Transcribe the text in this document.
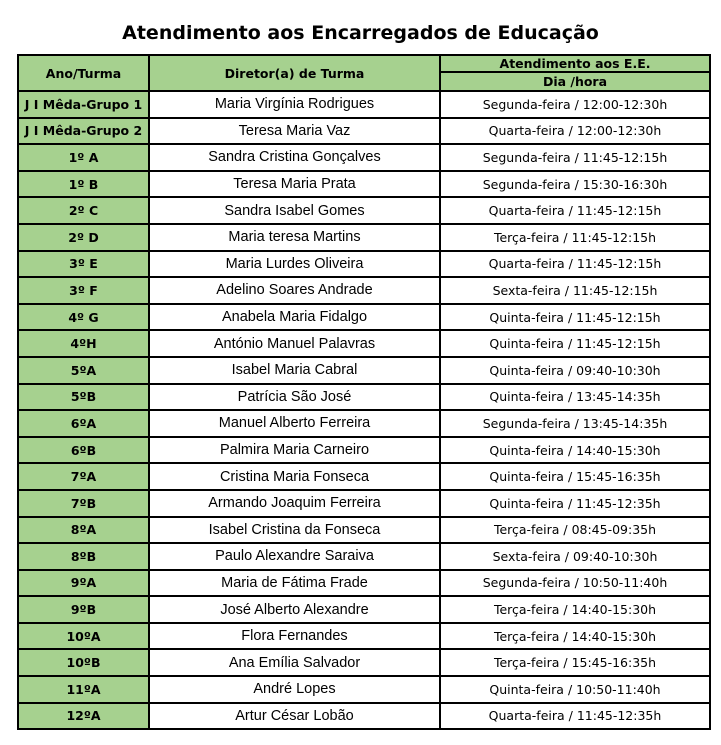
Atendimento aos Encarregados de Educação
Ano/Turma	Diretor(a) de Turma	Atendimento aos E.E.
		Dia /hora
J I Mêda-Grupo 1	Maria Virgínia Rodrigues	Segunda-feira / 12:00-12:30h
J I Mêda-Grupo 2	Teresa Maria Vaz	Quarta-feira / 12:00-12:30h
1º A	Sandra Cristina Gonçalves	Segunda-feira / 11:45-12:15h
1º B	Teresa Maria Prata	Segunda-feira / 15:30-16:30h
2º C	Sandra Isabel Gomes	Quarta-feira / 11:45-12:15h
2º D	Maria teresa Martins	Terça-feira / 11:45-12:15h
3º E	Maria Lurdes Oliveira	Quarta-feira / 11:45-12:15h
3º F	Adelino Soares Andrade	Sexta-feira / 11:45-12:15h
4º G	Anabela Maria Fidalgo	Quinta-feira / 11:45-12:15h
4ºH	António Manuel Palavras	Quinta-feira / 11:45-12:15h
5ºA	Isabel Maria Cabral	Quinta-feira / 09:40-10:30h
5ºB	Patrícia São José	Quinta-feira / 13:45-14:35h
6ºA	Manuel Alberto Ferreira	Segunda-feira / 13:45-14:35h
6ºB	Palmira Maria Carneiro	Quinta-feira / 14:40-15:30h
7ºA	Cristina Maria Fonseca	Quinta-feira / 15:45-16:35h
7ºB	Armando Joaquim Ferreira	Quinta-feira / 11:45-12:35h
8ºA	Isabel Cristina da Fonseca	Terça-feira / 08:45-09:35h
8ºB	Paulo Alexandre Saraiva	Sexta-feira / 09:40-10:30h
9ºA	Maria de Fátima Frade	Segunda-feira / 10:50-11:40h
9ºB	José Alberto Alexandre	Terça-feira / 14:40-15:30h
10ºA	Flora Fernandes	Terça-feira / 14:40-15:30h
10ºB	Ana Emília Salvador	Terça-feira / 15:45-16:35h
11ºA	André Lopes	Quinta-feira / 10:50-11:40h
12ºA	Artur César Lobão	Quarta-feira / 11:45-12:35h
